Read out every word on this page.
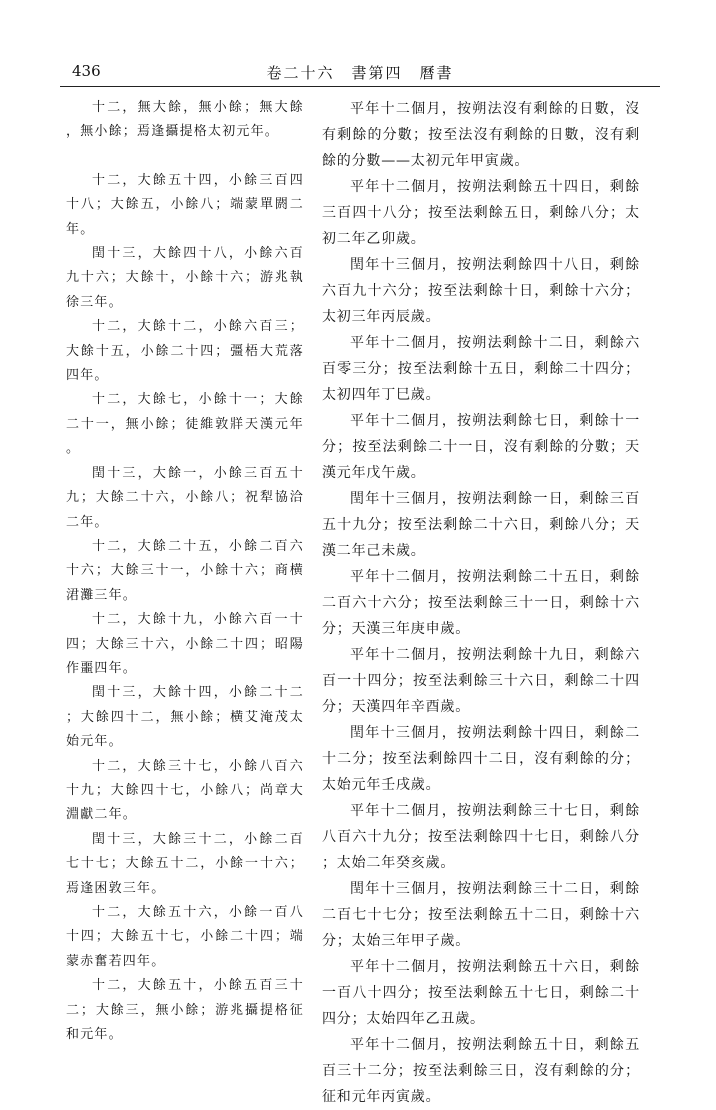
436	卷二十六　書第四　曆書

十二，無大餘，無小餘；無大餘，無小餘；焉逢攝提格太初元年。

十二，大餘五十四，小餘三百四十八；大餘五，小餘八；端蒙單閼二年。

閏十三，大餘四十八，小餘六百九十六；大餘十，小餘十六；游兆執徐三年。

十二，大餘十二，小餘六百三；大餘十五，小餘二十四；彊梧大荒落四年。

十二，大餘七，小餘十一；大餘二十一，無小餘；徒維敦牂天漢元年。

閏十三，大餘一，小餘三百五十九；大餘二十六，小餘八；祝犁協洽二年。

十二，大餘二十五，小餘二百六十六；大餘三十一，小餘十六；商横涒灘三年。

十二，大餘十九，小餘六百一十四；大餘三十六，小餘二十四；昭陽作噩四年。

閏十三，大餘十四，小餘二十二；大餘四十二，無小餘；横艾淹茂太始元年。

十二，大餘三十七，小餘八百六十九；大餘四十七，小餘八；尚章大淵獻二年。

閏十三，大餘三十二，小餘二百七十七；大餘五十二，小餘一十六；焉逢困敦三年。

十二，大餘五十六，小餘一百八十四；大餘五十七，小餘二十四；端蒙赤奮若四年。

十二，大餘五十，小餘五百三十二；大餘三，無小餘；游兆攝提格征和元年。

平年十二個月，按朔法沒有剩餘的日數，沒有剩餘的分數；按至法沒有剩餘的日數，沒有剩餘的分數——太初元年甲寅歲。

平年十二個月，按朔法剩餘五十四日，剩餘三百四十八分；按至法剩餘五日，剩餘八分；太初二年乙卯歲。

閏年十三個月，按朔法剩餘四十八日，剩餘六百九十六分；按至法剩餘十日，剩餘十六分；太初三年丙辰歲。

平年十二個月，按朔法剩餘十二日，剩餘六百零三分；按至法剩餘十五日，剩餘二十四分；太初四年丁巳歲。

平年十二個月，按朔法剩餘七日，剩餘十一分；按至法剩餘二十一日，沒有剩餘的分數；天漢元年戊午歲。

閏年十三個月，按朔法剩餘一日，剩餘三百五十九分；按至法剩餘二十六日，剩餘八分；天漢二年己未歲。

平年十二個月，按朔法剩餘二十五日，剩餘二百六十六分；按至法剩餘三十一日，剩餘十六分；天漢三年庚申歲。

平年十二個月，按朔法剩餘十九日，剩餘六百一十四分；按至法剩餘三十六日，剩餘二十四分；天漢四年辛酉歲。

閏年十三個月，按朔法剩餘十四日，剩餘二十二分；按至法剩餘四十二日，沒有剩餘的分；太始元年壬戌歲。

平年十二個月，按朔法剩餘三十七日，剩餘八百六十九分；按至法剩餘四十七日，剩餘八分；太始二年癸亥歲。

閏年十三個月，按朔法剩餘三十二日，剩餘二百七十七分；按至法剩餘五十二日，剩餘十六分；太始三年甲子歲。

平年十二個月，按朔法剩餘五十六日，剩餘一百八十四分；按至法剩餘五十七日，剩餘二十四分；太始四年乙丑歲。

平年十二個月，按朔法剩餘五十日，剩餘五百三十二分；按至法剩餘三日，沒有剩餘的分；征和元年丙寅歲。
